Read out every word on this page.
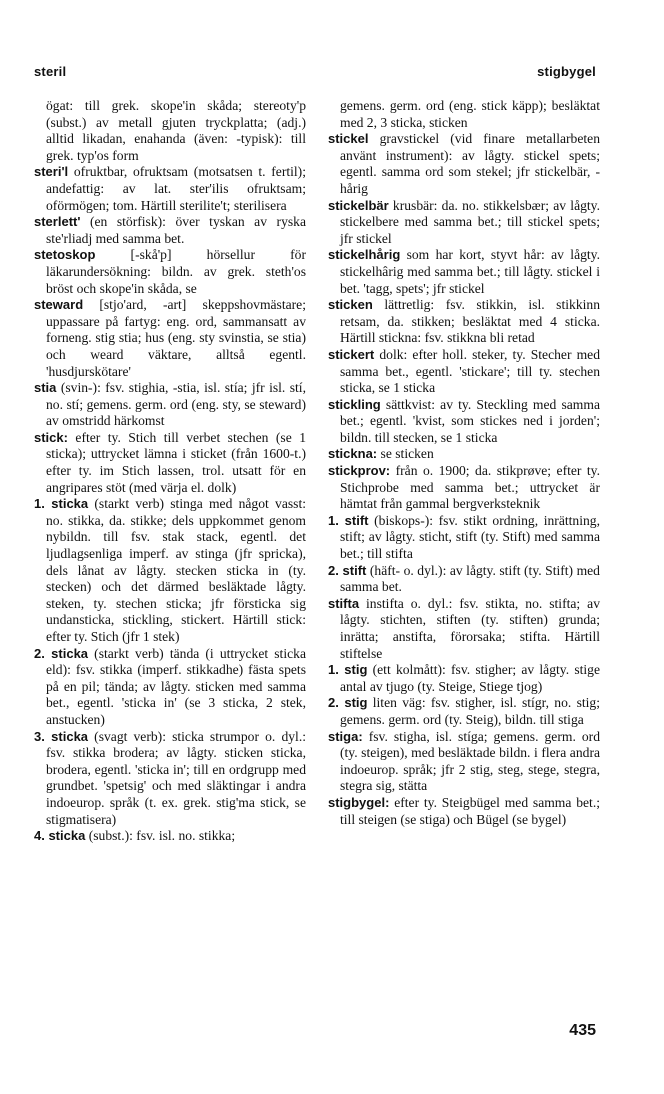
steril	stigbygel

ögat: till grek. skope'in skåda; stereoty'p (subst.) av metall gjuten tryckplatta; (adj.) alltid likadan, enahanda (även: -typisk): till grek. typ'os form

steri'l ofruktbar, ofruktsam (motsatsen t. fertil); andefattig: av lat. ster'ilis ofruktsam; oförmögen; tom. Härtill sterilite't; sterilisera

sterlett' (en störfisk): över tyskan av ryska ste'rliadj med samma bet.

stetoskop [-skå'p] hörsellur för läkarundersökning: bildn. av grek. steth'os bröst och skope'in skåda, se

steward [stjo'ard, -art] skeppshovmästare; uppassare på fartyg: eng. ord, sammansatt av forneng. stig stia; hus (eng. sty svinstia, se stia) och weard väktare, alltså egentl. 'husdjurskötare'

stia (svin-): fsv. stighia, -stia, isl. stía; jfr isl. stí, no. stí; gemens. germ. ord (eng. sty, se steward) av omstridd härkomst

stick: efter ty. Stich till verbet stechen (se 1 sticka); uttrycket lämna i sticket (från 1600-t.) efter ty. im Stich lassen, trol. utsatt för en angripares stöt (med värja el. dolk)

1. sticka (starkt verb) stinga med något vasst: no. stikka, da. stikke; dels uppkommet genom nybildn. till fsv. stak stack, egentl. det ljudlagsenliga imperf. av stinga (jfr spricka), dels lånat av lågty. stecken sticka in (ty. stecken) och det därmed besläktade lågty. steken, ty. stechen sticka; jfr försticka sig undansticka, stickling, stickert. Härtill stick: efter ty. Stich (jfr 1 stek)

2. sticka (starkt verb) tända (i uttrycket sticka eld): fsv. stikka (imperf. stikkadhe) fästa spets på en pil; tända; av lågty. sticken med samma bet., egentl. 'sticka in' (se 3 sticka, 2 stek, anstucken)

3. sticka (svagt verb): sticka strumpor o. dyl.: fsv. stikka brodera; av lågty. sticken sticka, brodera, egentl. 'sticka in'; till en ordgrupp med grundbet. 'spetsig' och med släktingar i andra indoeurop. språk (t. ex. grek. stig'ma stick, se stigmatisera)

4. sticka (subst.): fsv. isl. no. stikka;

gemens. germ. ord (eng. stick käpp); besläktat med 2, 3 sticka, sticken

stickel gravstickel (vid finare metallarbeten använt instrument): av lågty. stickel spets; egentl. samma ord som stekel; jfr stickelbär, -hårig

stickelbär krusbär: da. no. stikkelsbær; av lågty. stickelbere med samma bet.; till stickel spets; jfr stickel

stickelhårig som har kort, styvt hår: av lågty. stickelhârig med samma bet.; till lågty. stickel i bet. 'tagg, spets'; jfr stickel

sticken lättretlig: fsv. stikkin, isl. stikkinn retsam, da. stikken; besläktat med 4 sticka. Härtill stickna: fsv. stikkna bli retad

stickert dolk: efter holl. steker, ty. Stecher med samma bet., egentl. 'stickare'; till ty. stechen sticka, se 1 sticka

stickling sättkvist: av ty. Steckling med samma bet.; egentl. 'kvist, som stickes ned i jorden'; bildn. till stecken, se 1 sticka

stickna: se sticken

stickprov: från o. 1900; da. stikprøve; efter ty. Stichprobe med samma bet.; uttrycket är hämtat från gammal bergverksteknik

1. stift (biskops-): fsv. stikt ordning, inrättning, stift; av lågty. sticht, stift (ty. Stift) med samma bet.; till stifta

2. stift (häft- o. dyl.): av lågty. stift (ty. Stift) med samma bet.

stifta instifta o. dyl.: fsv. stikta, no. stifta; av lågty. stichten, stiften (ty. stiften) grunda; inrätta; anstifta, förorsaka; stifta. Härtill stiftelse

1. stig (ett kolmått): fsv. stigher; av lågty. stige antal av tjugo (ty. Steige, Stiege tjog)

2. stig liten väg: fsv. stigher, isl. stígr, no. stig; gemens. germ. ord (ty. Steig), bildn. till stiga

stiga: fsv. stigha, isl. stíga; gemens. germ. ord (ty. steigen), med besläktade bildn. i flera andra indoeurop. språk; jfr 2 stig, steg, stege, stegra, stegra sig, stätta

stigbygel: efter ty. Steigbügel med samma bet.; till steigen (se stiga) och Bügel (se bygel)

435
